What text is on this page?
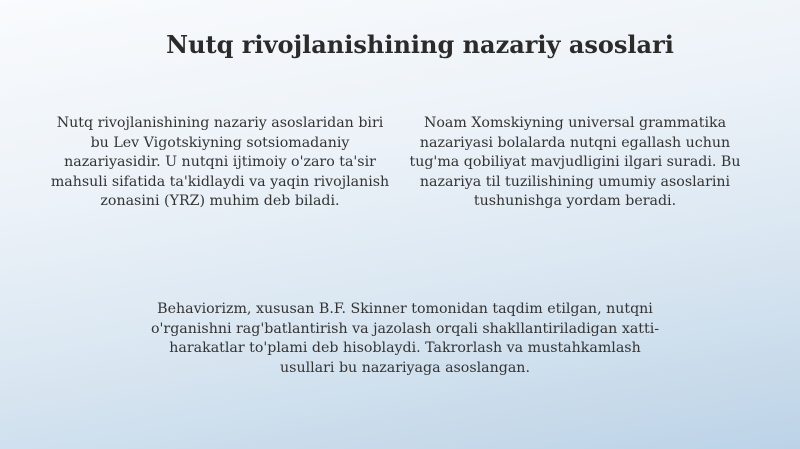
Nutq rivojlanishining nazariy asoslari

Nutq rivojlanishining nazariy asoslaridan biri bu Lev Vigotskiyning sotsiomadaniy nazariyasidir. U nutqni ijtimoiy o'zaro ta'sir mahsuli sifatida ta'kidlaydi va yaqin rivojlanish zonasini (YRZ) muhim deb biladi.

Noam Xomskiyning universal grammatika nazariyasi bolalarda nutqni egallash uchun tug'ma qobiliyat mavjudligini ilgari suradi. Bu nazariya til tuzilishining umumiy asoslarini tushunishga yordam beradi.

Behaviorizm, xususan B.F. Skinner tomonidan taqdim etilgan, nutqni o'rganishni rag'batlantirish va jazolash orqali shakllantiriladigan xatti-harakatlar to'plami deb hisoblaydi. Takrorlash va mustahkamlash usullari bu nazariyaga asoslangan.
